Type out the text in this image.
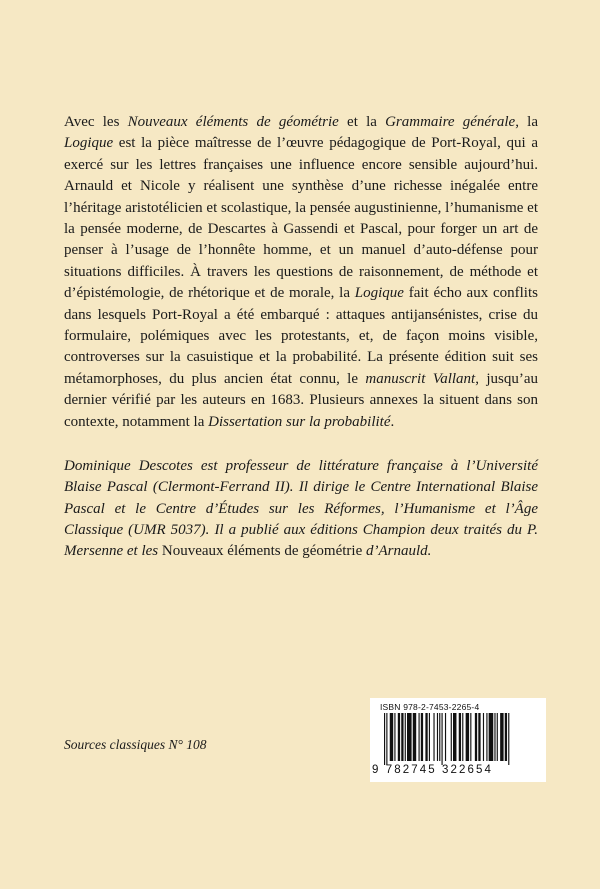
Avec les Nouveaux éléments de géométrie et la Grammaire générale, la Logique est la pièce maîtresse de l’œuvre pédagogique de Port-Royal, qui a exercé sur les lettres françaises une influence encore sensible aujourd’hui. Arnauld et Nicole y réalisent une synthèse d’une richesse inégalée entre l’héritage aristotélicien et scolastique, la pensée augustinienne, l’humanisme et la pensée moderne, de Descartes à Gassendi et Pascal, pour forger un art de penser à l’usage de l’honnête homme, et un manuel d’auto-défense pour situations difficiles. À travers les questions de raisonnement, de méthode et d’épistémologie, de rhétorique et de morale, la Logique fait écho aux conflits dans lesquels Port-Royal a été embarqué : attaques antijansénistes, crise du formulaire, polémiques avec les protestants, et, de façon moins visible, controverses sur la casuistique et la probabilité. La présente édition suit ses métamorphoses, du plus ancien état connu, le manuscrit Vallant, jusqu’au dernier vérifié par les auteurs en 1683. Plusieurs annexes la situent dans son contexte, notamment la Dissertation sur la probabilité.

Dominique Descotes est professeur de littérature française à l’Université Blaise Pascal (Clermont-Ferrand II). Il dirige le Centre International Blaise Pascal et le Centre d’Études sur les Réformes, l’Humanisme et l’Âge Classique (UMR 5037). Il a publié aux éditions Champion deux traités du P. Mersenne et les Nouveaux éléments de géométrie d’Arnauld.

Sources classiques N° 108
ISBN 978-2-7453-2265-4
9 782745 322654
